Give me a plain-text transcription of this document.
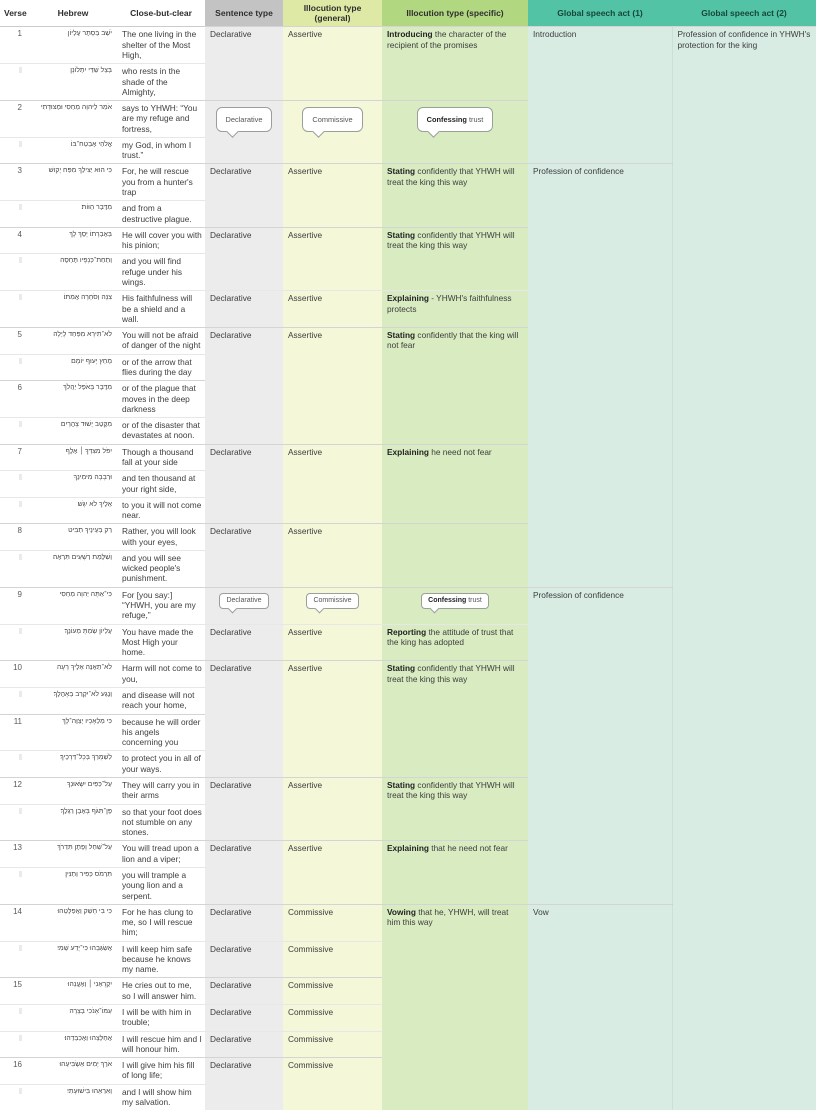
Verse	Hebrew	Close-but-clear	Sentence type	Illocution type (general)	Illocution type (specific)	Global speech act (1)	Global speech act (2)
1	יֹשֵׁב בְּסֵתֶר עֶלְיוֹן	The one living in the shelter of the Most High,	Declarative	Assertive	Introducing the character of the recipient of the promises	Introduction	Profession of confidence in YHWH's protection for the king
	בְּצֵל שַׁדַּי יִתְלוֹנָן׃	who rests in the shade of the Almighty,					
2	אֹמַר לַיהוָה מַחְסִי וּמְצוּדָתִי	says to YHWH: “You are my refuge and fortress,	Declarative	Commissive	Confessing trust		
	אֱלֹהַי אֶבְטַח־בּוֹ׃	my God, in whom I trust.”					
3	כִּי הוּא יַצִּילְךָ מִפַּח יָקוּשׁ	For, he will rescue you from a hunter's trap	Declarative	Assertive	Stating confidently that YHWH will treat the king this way	Profession of confidence	
	מִדֶּבֶר הַוּוֹת׃	and from a destructive plague.					
4	בְּאֶבְרָתוֹ יָסֶךְ לָךְ	He will cover you with his pinion;	Declarative	Assertive	Stating confidently that YHWH will treat the king this way		
	וְתַחַת־כְּנָפָיו תֶּחְסֶה	and you will find refuge under his wings.					
	צִנָּה וְסֹחֵרָה אֲמִתּוֹ׃	His faithfulness will be a shield and a wall.	Declarative	Assertive	Explaining - YHWH's faithfulness protects		
5	לֹא־תִירָא מִפַּחַד לָיְלָה	You will not be afraid of danger of the night	Declarative	Assertive	Stating confidently that the king will not fear		
	מֵחֵץ יָעוּף יוֹמָם׃	or of the arrow that flies during the day					
6	מִדֶּבֶר בָּאֹפֶל יַהֲלֹךְ	or of the plague that moves in the deep darkness					
	מִקֶּטֶב יָשׁוּד צָהֳרָיִם׃	or of the disaster that devastates at noon.					
7	יִפֹּל מִצִּדְּךָ ׀ אֶלֶף	Though a thousand fall at your side	Declarative	Assertive	Explaining he need not fear		
	וּרְבָבָה מִימִינֶךָ	and ten thousand at your right side,					
	אֵלֶיךָ לֹא יִגָּשׁ׃	to you it will not come near.					
8	רַק בְּעֵינֶיךָ תַבִּיט	Rather, you will look with your eyes,	Declarative	Assertive			
	וְשִׁלֻּמַת רְשָׁעִים תִּרְאֶה׃	and you will see wicked people's punishment.					
9	כִּי־אַתָּה יְהוָה מַחְסִי	For [you say:] “YHWH, you are my refuge,”	Declarative	Commissive	Confessing trust	Profession of confidence	
	עֶלְיוֹן שַׂמְתָּ מְעוֹנֶךָ׃	You have made the Most High your home.	Declarative	Assertive	Reporting the attitude of trust that the king has adopted		
10	לֹא־תְאֻנֶּה אֵלֶיךָ רָעָה	Harm will not come to you,	Declarative	Assertive	Stating confidently that YHWH will treat the king this way		
	וְנֶגַע לֹא־יִקְרַב בְּאָהֳלֶךָ׃	and disease will not reach your home,					
11	כִּי מַלְאָכָיו יְצַוֶּה־לָּךְ	because he will order his angels concerning you					
	לִשְׁמָרְךָ בְּכָל־דְּרָכֶיךָ׃	to protect you in all of your ways.					
12	עַל־כַּפַּיִם יִשָּׂאוּנְךָ	They will carry you in their arms	Declarative	Assertive	Stating confidently that YHWH will treat the king this way		
	פֶּן־תִּגֹּף בָּאֶבֶן רַגְלֶךָ׃	so that your foot does not stumble on any stones.					
13	עַל־שַׁחַל וָפֶתֶן תִּדְרֹךְ	You will tread upon a lion and a viper;	Declarative	Assertive	Explaining that he need not fear		
	תִּרְמֹס כְּפִיר וְתַנִּין׃	you will trample a young lion and a serpent.					
14	כִּי בִי חָשַׁק וַאֲפַלְּטֵהוּ	For he has clung to me, so I will rescue him;	Declarative	Commissive	Vowing that he, YHWH, will treat him this way	Vow	
	אֲשַׂגְּבֵהוּ כִּי־יָדַע שְׁמִי׃	I will keep him safe because he knows my name.	Declarative	Commissive			
15	יִקְרָאֵנִי ׀ וְאֶעֱנֵהוּ	He cries out to me, so I will answer him.	Declarative	Commissive			
	עִמּוֹ־אָנֹכִי בְצָרָה	I will be with him in trouble;	Declarative	Commissive			
	אֲחַלְּצֵהוּ וַאֲכַבְּדֵהוּ׃	I will rescue him and I will honour him.	Declarative	Commissive			
16	אֹרֶךְ יָמִים אַשְׂבִּיעֵהוּ	I will give him his fill of long life;	Declarative	Commissive			
	וְאַרְאֵהוּ בִּישׁוּעָתִי׃	and I will show him my salvation.					
